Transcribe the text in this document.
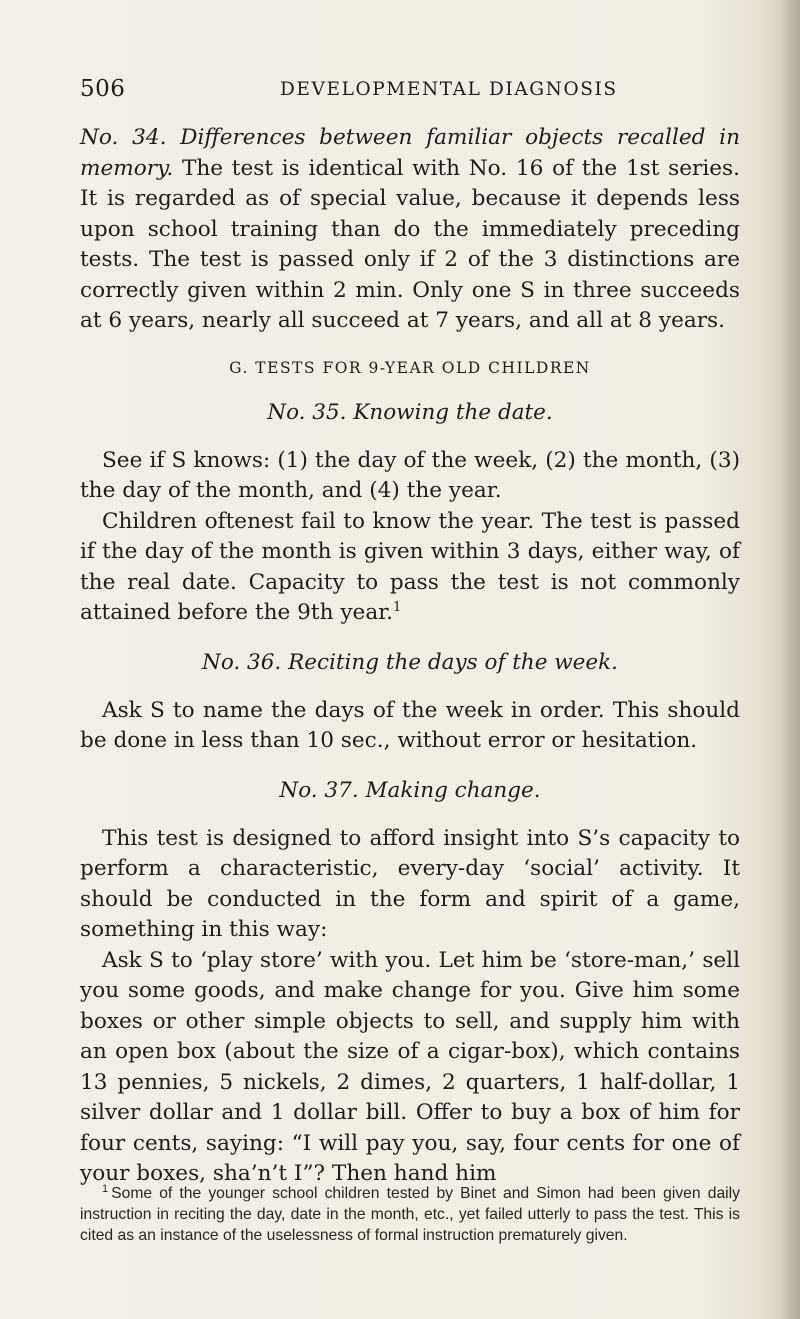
506	DEVELOPMENTAL DIAGNOSIS

No. 34. Differences between familiar objects recalled in memory. The test is identical with No. 16 of the 1st series. It is regarded as of special value, because it depends less upon school training than do the immediately preceding tests. The test is passed only if 2 of the 3 distinctions are correctly given within 2 min. Only one S in three succeeds at 6 years, nearly all succeed at 7 years, and all at 8 years.

G. TESTS FOR 9-YEAR OLD CHILDREN
No. 35. Knowing the date.

See if S knows: (1) the day of the week, (2) the month, (3) the day of the month, and (4) the year.

Children oftenest fail to know the year. The test is passed if the day of the month is given within 3 days, either way, of the real date. Capacity to pass the test is not commonly attained before the 9th year.$^1$

No. 36. Reciting the days of the week.

Ask S to name the days of the week in order. This should be done in less than 10 sec., without error or hesitation.

No. 37. Making change.

This test is designed to afford insight into S’s capacity to perform a characteristic, every-day ‘social’ activity. It should be conducted in the form and spirit of a game, something in this way:

Ask S to ‘play store’ with you. Let him be ‘store-man,’ sell you some goods, and make change for you. Give him some boxes or other simple objects to sell, and supply him with an open box (about the size of a cigar-box), which contains 13 pennies, 5 nickels, 2 dimes, 2 quarters, 1 half-dollar, 1 silver dollar and 1 dollar bill. Offer to buy a box of him for four cents, saying: “I will pay you, say, four cents for one of your boxes, sha’n’t I”? Then hand him

$^1$ Some of the younger school children tested by Binet and Simon had been given daily instruction in reciting the day, date in the month, etc., yet failed utterly to pass the test. This is cited as an instance of the uselessness of formal instruction prematurely given.
